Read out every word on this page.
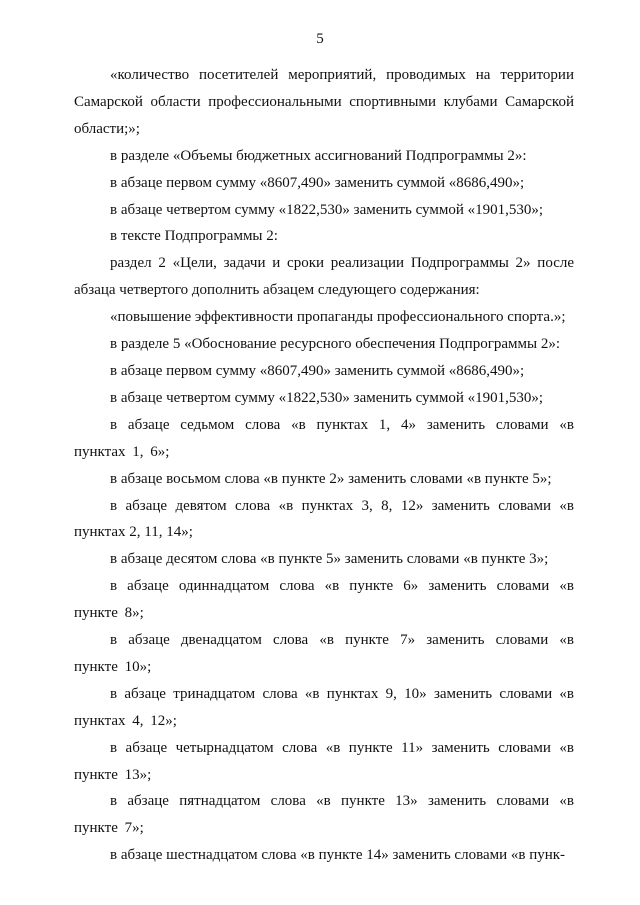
5

«количество посетителей мероприятий, проводимых на территории Самарской области профессиональными спортивными клубами Самарской области;»;

в разделе «Объемы бюджетных ассигнований Подпрограммы 2»:

в абзаце первом сумму «8607,490» заменить суммой «8686,490»;

в абзаце четвертом сумму «1822,530» заменить суммой «1901,530»;

в тексте Подпрограммы 2:

раздел 2 «Цели, задачи и сроки реализации Подпрограммы 2» после абзаца четвертого дополнить абзацем следующего содержания:

«повышение эффективности пропаганды профессионального спорта.»;

в разделе 5 «Обоснование ресурсного обеспечения Подпрограммы 2»:

в абзаце первом сумму «8607,490» заменить суммой «8686,490»;

в абзаце четвертом сумму «1822,530» заменить суммой «1901,530»;

в абзаце седьмом слова «в пунктах 1, 4» заменить словами «в пунктах 1, 6»;

в абзаце восьмом слова «в пункте 2» заменить словами «в пункте 5»;

в абзаце девятом слова «в пунктах 3, 8, 12» заменить словами «в пунктах 2, 11, 14»;

в абзаце десятом слова «в пункте 5» заменить словами «в пункте 3»;

в абзаце одиннадцатом слова «в пункте 6» заменить словами «в пункте 8»;

в абзаце двенадцатом слова «в пункте 7» заменить словами «в пункте 10»;

в абзаце тринадцатом слова «в пунктах 9, 10» заменить словами «в пунктах 4, 12»;

в абзаце четырнадцатом слова «в пункте 11» заменить словами «в пункте 13»;

в абзаце пятнадцатом слова «в пункте 13» заменить словами «в пункте 7»;

в абзаце шестнадцатом слова «в пункте 14» заменить словами «в пунк-
